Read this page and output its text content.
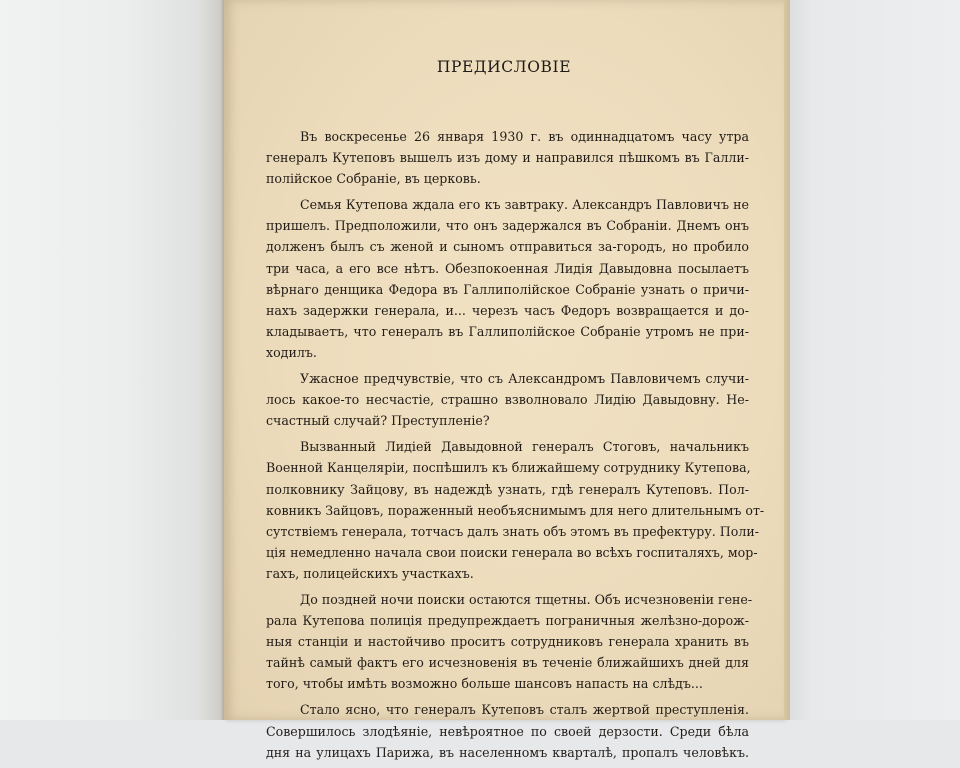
ПРЕДИСЛОВІЕ
Въ воскресенье 26 января 1930 г. въ одиннадцатомъ часу утра
генералъ Кутеповъ вышелъ изъ дому и направился пѣшкомъ въ Галли-
полійское Собраніе, въ церковь.
Семья Кутепова ждала его къ завтраку. Александръ Павловичъ не
пришелъ. Предположили, что онъ задержался въ Собраніи. Днемъ онъ
долженъ былъ съ женой и сыномъ отправиться за-городъ, но пробило
три часа, а его все нѣтъ. Обезпокоенная Лидія Давыдовна посылаетъ
вѣрнаго денщика Федора въ Галлиполійское Собраніе узнать о причи-
нахъ задержки генерала, и... черезъ часъ Федоръ возвращается и до-
кладываетъ, что генералъ въ Галлиполійское Собраніе утромъ не при-
ходилъ.
Ужасное предчувствіе, что съ Александромъ Павловичемъ случи-
лось какое-то несчастіе, страшно взволновало Лидію Давыдовну. Не-
счастный случай? Преступленіе?
Вызванный Лидіей Давыдовной генералъ Стоговъ, начальникъ
Военной Канцеляріи, поспѣшилъ къ ближайшему сотруднику Кутепова,
полковнику Зайцову, въ надеждѣ узнать, гдѣ генералъ Кутеповъ. Пол-
ковникъ Зайцовъ, пораженный необъяснимымъ для него длительнымъ от-
сутствіемъ генерала, тотчасъ далъ знать объ этомъ въ префектуру. Поли-
ція немедленно начала свои поиски генерала во всѣхъ госпиталяхъ, мор-
гахъ, полицейскихъ участкахъ.
До поздней ночи поиски остаются тщетны. Объ исчезновеніи гене-
рала Кутепова полиція предупреждаетъ пограничныя желѣзно-дорож-
ныя станціи и настойчиво проситъ сотрудниковъ генерала хранить въ
тайнѣ самый фактъ его исчезновенія въ теченіе ближайшихъ дней для
того, чтобы имѣть возможно больше шансовъ напасть на слѣдъ...
Стало ясно, что генералъ Кутеповъ сталъ жертвой преступленія.
Совершилось злодѣяніе, невѣроятное по своей дерзости. Среди бѣла
дня на улицахъ Парижа, въ населенномъ кварталѣ, пропалъ человѣкъ.
